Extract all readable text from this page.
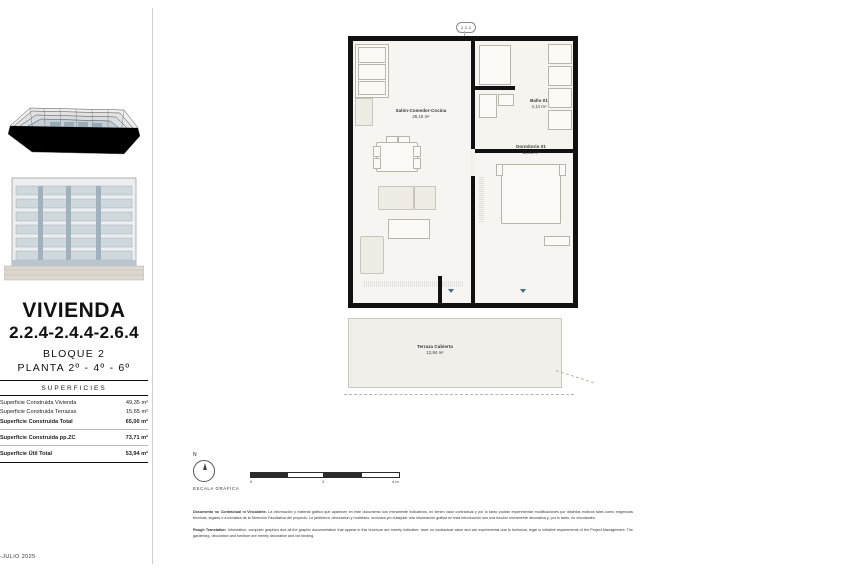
VIVIENDA
2.2.4-2.4.4-2.6.4
BLOQUE 2
PLANTA 2º - 4º - 6º
SUPERFICIES
Superficie Construida Vivienda	49,35 m²
Superficie Construida Terrazas	15,65 m²
Superficie Construida Total	65,00 m²
Superficie Construida pp.ZC	73,71 m²
Superficie Útil Total	53,94 m²
-JULIO 2025
2.2.4
Salón-Comedor-Cocina
26,15 m²
Baño 01
4,14 m²
Dormitorio 01
11,81 m²
Terraza Cubierta
12,84 m²
N
0	2	4 m
ESCALA GRÁFICA

Documento no Contractual ni Vinculante. La información y material gráfico que aparecen en este documento son meramente indicativos, no tienen valor contractual y por lo tanto podrán experimentar modificaciones por distintos motivos tales como exigencias técnicas, legales o a iniciativa de la Dirección Facultativa del proyecto. La jardinería, decoración y mobiliario, incluidos y/o cualquier otra información gráfica en esta introducción son una función meramente decorativa y, por lo tanto, no vinculantes.

Rough Translation. Information, computer graphics and all the graphic documentation that appear in this brochure are merely indicative, have no contractual value and are experimental due to technical, legal or initiative requirements of the Project Management. The gardening, decoration and furniture are merely decorative and not binding.
